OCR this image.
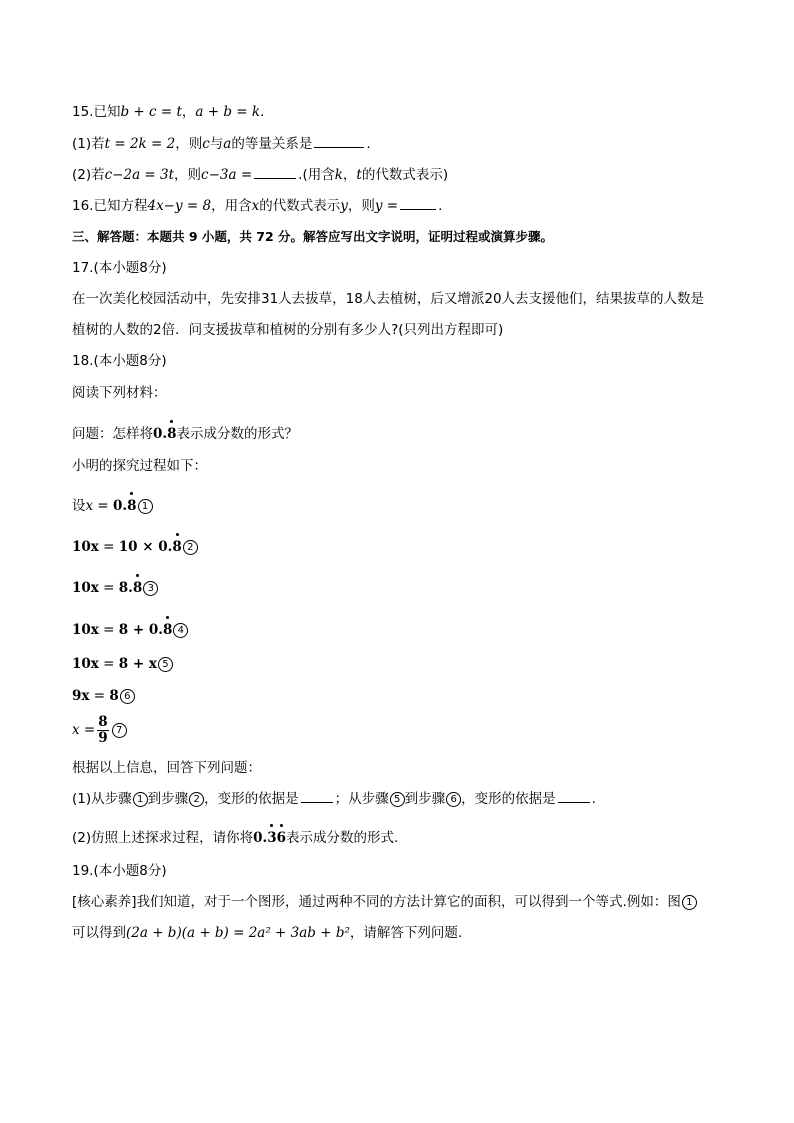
15.已知b + c = t，a + b = k.
(1)若t = 2k = 2，则c与a的等量关系是	.
(2)若c−2a = 3t，则c−3a =	.(用含k，t的代数式表示)
16.已知方程4x−y = 8，用含x的代数式表示y，则y =	.
三、解答题：本题共 9 小题，共 72 分。解答应写出文字说明，证明过程或演算步骤。
17.(本小题8分)
在一次美化校园活动中，先安排31人去拔草，18人去植树，后又增派20人去支援他们，结果拔草的人数是
植树的人数的2倍．问支援拔草和植树的分别有多少人?(只列出方程即可)
18.(本小题8分)
阅读下列材料：
问题：怎样将0.8表示成分数的形式？
小明的探究过程如下：
设x = 0.8 1
10x = 10 × 0.8 2
10x = 8.8 3
10x = 8 + 0.8 4
10x = 8 + x 5
9x = 8 6
$x = \frac{8}{9} 7$
根据以上信息，回答下列问题：
(1)从步骤 1 到步骤 2 ，变形的依据是	；从步骤 5 到步骤 6 ，变形的依据是	.
(2)仿照上述探求过程，请你将0.36表示成分数的形式.
19.(本小题8分)
[核心素养]我们知道，对于一个图形，通过两种不同的方法计算它的面积，可以得到一个等式.例如：图 1
可以得到(2a + b)(a + b) = 2a² + 3ab + b²，请解答下列问题.
